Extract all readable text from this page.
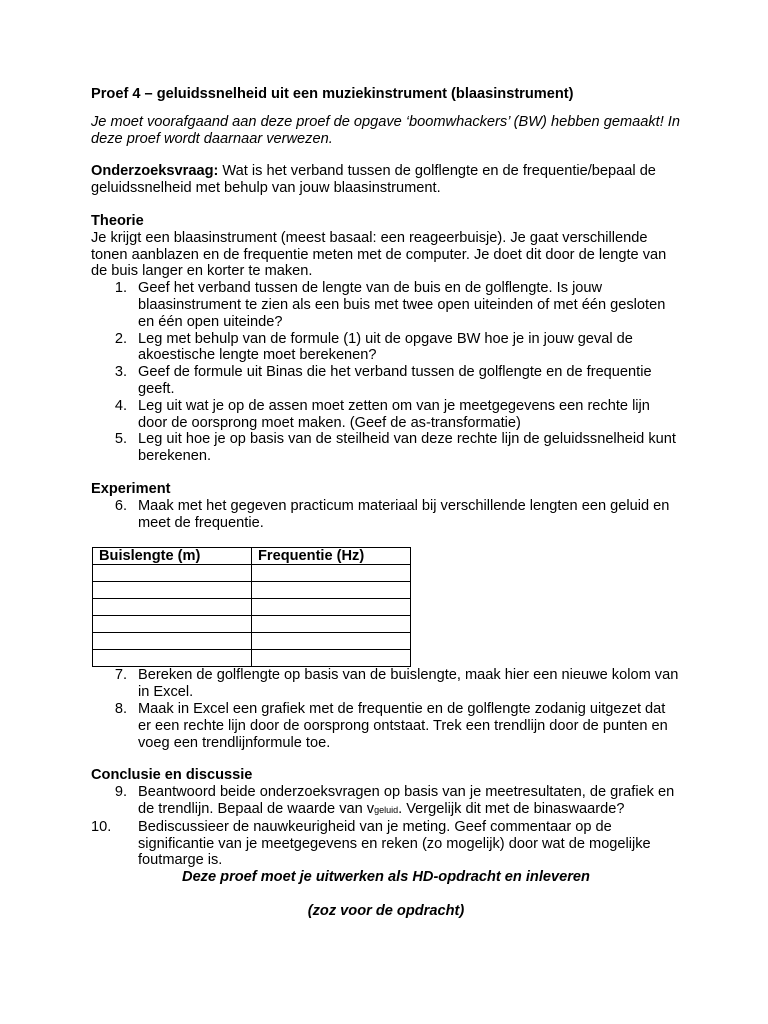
Proef 4 – geluidssnelheid uit een muziekinstrument (blaasinstrument)

Je moet voorafgaand aan deze proef de opgave ‘boomwhackers’ (BW) hebben gemaakt! In deze proef wordt daarnaar verwezen.

Onderzoeksvraag: Wat is het verband tussen de golflengte en de frequentie/bepaal de geluidssnelheid met behulp van jouw blaasinstrument.

Theorie

Je krijgt een blaasinstrument (meest basaal: een reageerbuisje). Je gaat verschillende tonen aanblazen en de frequentie meten met de computer. Je doet dit door de lengte van de buis langer en korter te maken.

1. Geef het verband tussen de lengte van de buis en de golflengte. Is jouw blaasinstrument te zien als een buis met twee open uiteinden of met één gesloten en één open uiteinde?
2. Leg met behulp van de formule (1) uit de opgave BW hoe je in jouw geval de akoestische lengte moet berekenen?
3. Geef de formule uit Binas die het verband tussen de golflengte en de frequentie geeft.
4. Leg uit wat je op de assen moet zetten om van je meetgegevens een rechte lijn door de oorsprong moet maken. (Geef de as-transformatie)
5. Leg uit hoe je op basis van de steilheid van deze rechte lijn de geluidssnelheid kunt berekenen.

Experiment

6. Maak met het gegeven practicum materiaal bij verschillende lengten een geluid en meet de frequentie.
Buislengte (m)	Frequentie (Hz)

7. Bereken de golflengte op basis van de buislengte, maak hier een nieuwe kolom van in Excel.
8. Maak in Excel een grafiek met de frequentie en de golflengte zodanig uitgezet dat er een rechte lijn door de oorsprong ontstaat. Trek een trendlijn door de punten en voeg een trendlijnformule toe.

Conclusie en discussie

9. Beantwoord beide onderzoeksvragen op basis van je meetresultaten, de grafiek en de trendlijn. Bepaal de waarde van vgeluid. Vergelijk dit met de binaswaarde?
10.	Bediscussieer de nauwkeurigheid van je meting. Geef commentaar op de significantie van je meetgegevens en reken (zo mogelijk) door wat de mogelijke foutmarge is.

Deze proef moet je uitwerken als HD-opdracht en inleveren

(zoz voor de opdracht)
